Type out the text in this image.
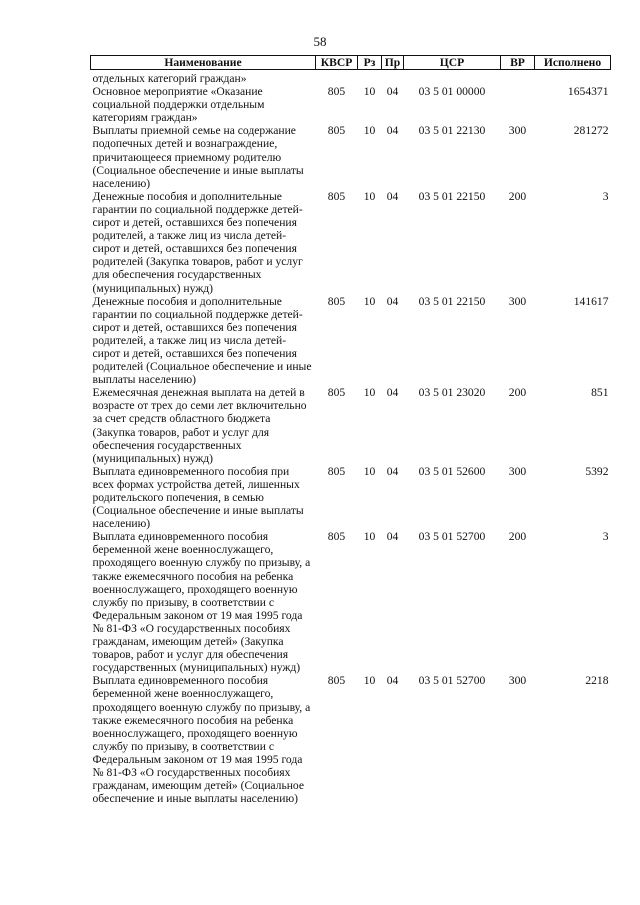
58
Наименование	КВСР	Рз	Пр	ЦСР	ВР	Исполнено
отдельных категорий граждан»						
Основное мероприятие «Оказание социальной поддержки отдельным категориям граждан»	805	10	04	03 5 01 00000		1654371
Выплаты приемной семье на содержание подопечных детей и вознаграждение, причитающееся приемному родителю (Социальное обеспечение и иные выплаты населению)	805	10	04	03 5 01 22130	300	281272
Денежные пособия и дополнительные гарантии по социальной поддержке детей-сирот и детей, оставшихся без попечения родителей, а также лиц из числа детей-сирот и детей, оставшихся без попечения родителей (Закупка товаров, работ и услуг для обеспечения государственных (муниципальных) нужд)	805	10	04	03 5 01 22150	200	3
Денежные пособия и дополнительные гарантии по социальной поддержке детей-сирот и детей, оставшихся без попечения родителей, а также лиц из числа детей-сирот и детей, оставшихся без попечения родителей (Социальное обеспечение и иные выплаты населению)	805	10	04	03 5 01 22150	300	141617
Ежемесячная денежная выплата на детей в возрасте от трех до семи лет включительно за счет средств областного бюджета (Закупка товаров, работ и услуг для обеспечения государственных (муниципальных) нужд)	805	10	04	03 5 01 23020	200	851
Выплата единовременного пособия при всех формах устройства детей, лишенных родительского попечения, в семью (Социальное обеспечение и иные выплаты населению)	805	10	04	03 5 01 52600	300	5392
Выплата единовременного пособия беременной жене военнослужащего, проходящего военную службу по призыву, а также ежемесячного пособия на ребенка военнослужащего, проходящего военную службу по призыву, в соответствии с Федеральным законом от 19 мая 1995 года № 81-ФЗ «О государственных пособиях гражданам, имеющим детей» (Закупка товаров, работ и услуг для обеспечения государственных (муниципальных) нужд)	805	10	04	03 5 01 52700	200	3
Выплата единовременного пособия беременной жене военнослужащего, проходящего военную службу по призыву, а также ежемесячного пособия на ребенка военнослужащего, проходящего военную службу по призыву, в соответствии с Федеральным законом от 19 мая 1995 года № 81-ФЗ «О государственных пособиях гражданам, имеющим детей» (Социальное обеспечение и иные выплаты населению)	805	10	04	03 5 01 52700	300	2218
